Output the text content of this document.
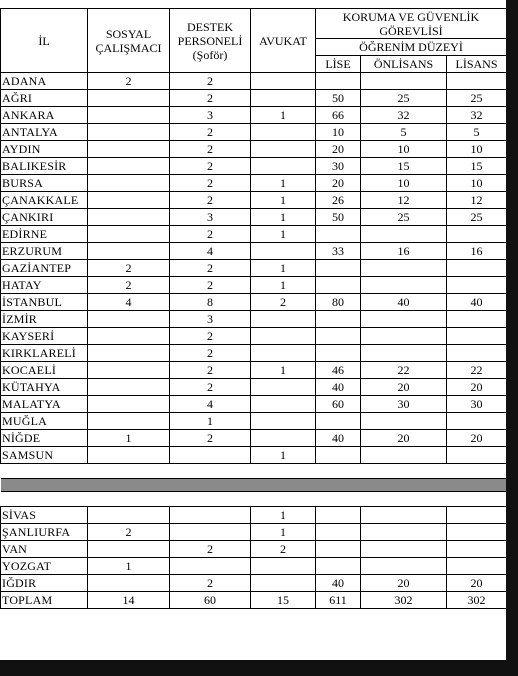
İL	SOSYAL ÇALIŞMACI	DESTEK PERSONELİ (Şoför)	AVUKAT	KORUMA VE GÜVENLİK GÖREVLİSİ		
				ÖĞRENİM DÜZEYİ		
				LİSE	ÖNLİSANS	LİSANS
ADANA	2	2				
AĞRI		2		50	25	25
ANKARA		3	1	66	32	32
ANTALYA		2		10	5	5
AYDIN		2		20	10	10
BALIKESİR		2		30	15	15
BURSA		2	1	20	10	10
ÇANAKKALE		2	1	26	12	12
ÇANKIRI		3	1	50	25	25
EDİRNE		2	1			
ERZURUM		4		33	16	16
GAZİANTEP	2	2	1			
HATAY	2	2	1			
İSTANBUL	4	8	2	80	40	40
İZMİR		3				
KAYSERİ		2				
KIRKLARELİ		2				
KOCAELİ		2	1	46	22	22
KÜTAHYA		2		40	20	20
MALATYA		4		60	30	30
MUĞLA		1				
NİĞDE	1	2		40	20	20
SAMSUN			1			

SİVAS			1			
ŞANLIURFA	2		1			
VAN		2	2			
YOZGAT	1					
IĞDIR		2		40	20	20
TOPLAM	14	60	15	611	302	302
